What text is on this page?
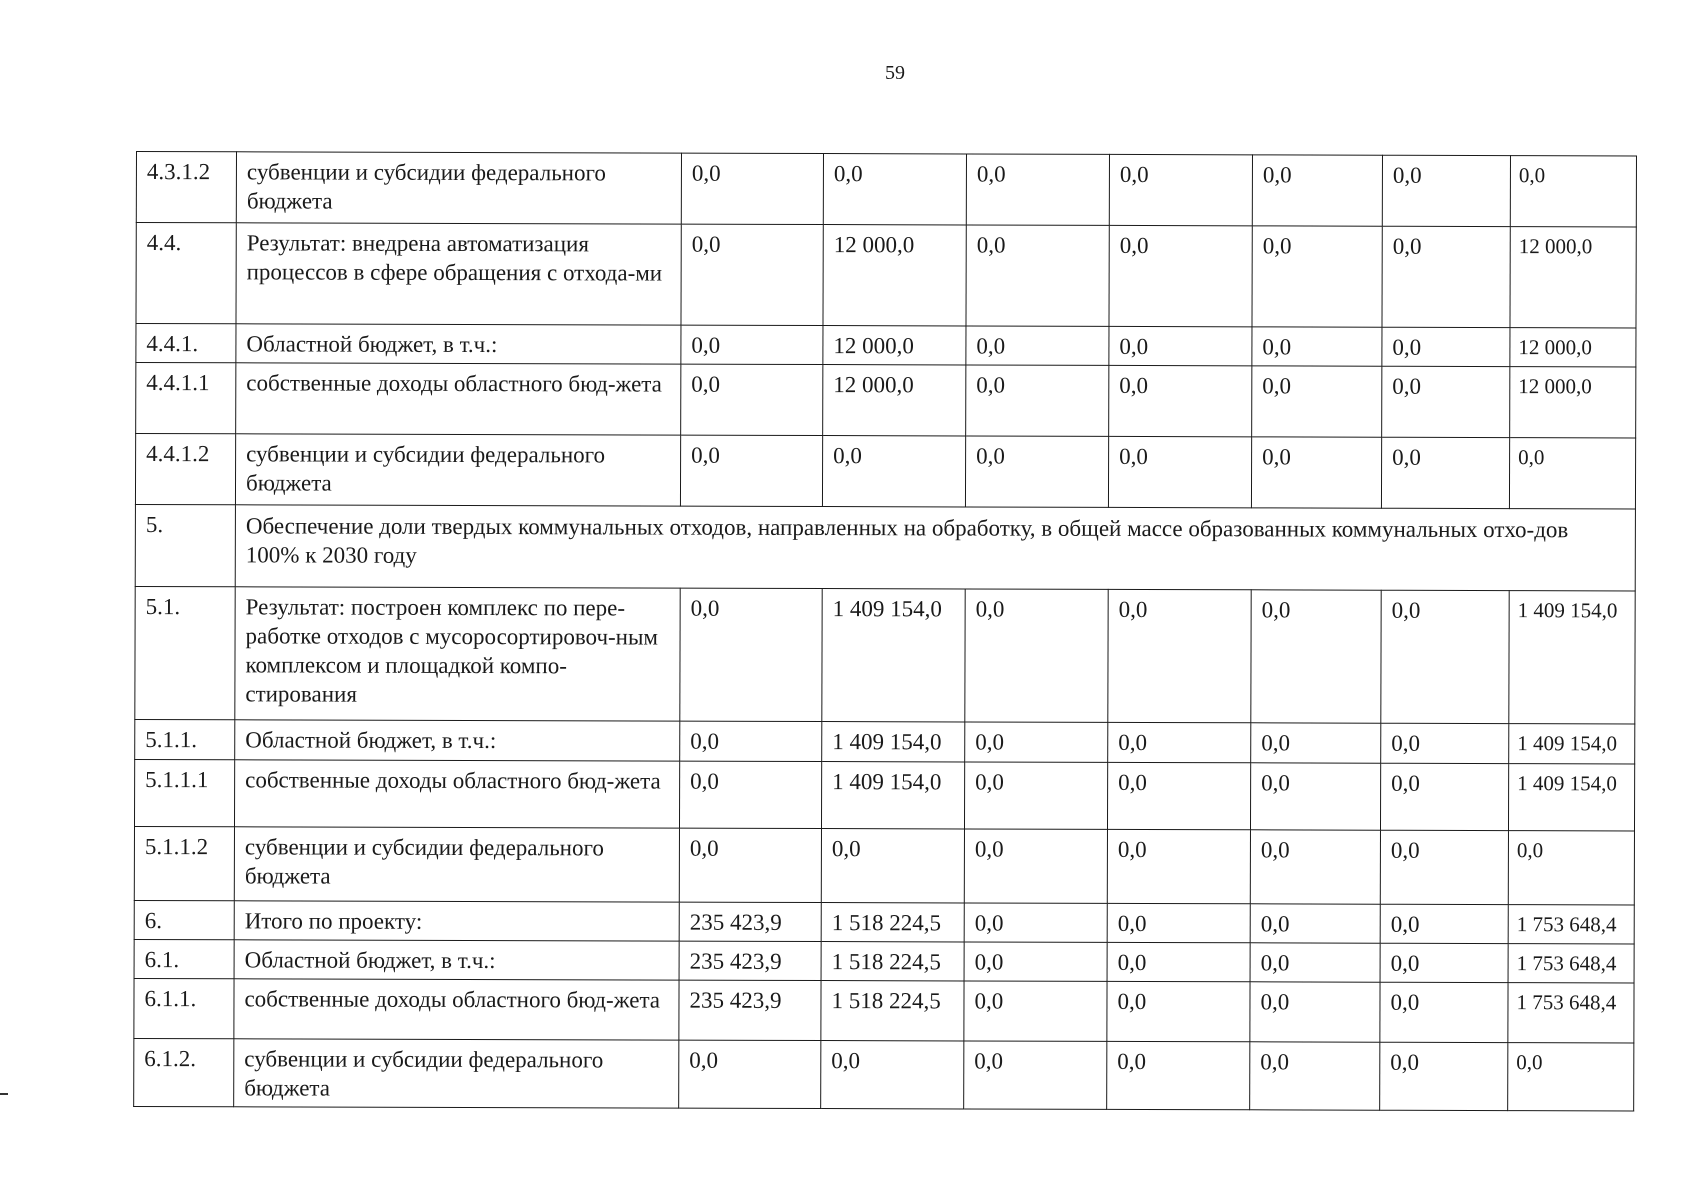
59
4.3.1.2	субвенции и субсидии федерального бюджета	0,0	0,0	0,0	0,0	0,0	0,0	0,0
4.4.	Результат: внедрена автоматизация процессов в сфере обращения с отхода-ми	0,0	12 000,0	0,0	0,0	0,0	0,0	12 000,0
4.4.1.	Областной бюджет, в т.ч.:	0,0	12 000,0	0,0	0,0	0,0	0,0	12 000,0
4.4.1.1	собственные доходы областного бюд-жета	0,0	12 000,0	0,0	0,0	0,0	0,0	12 000,0
4.4.1.2	субвенции и субсидии федерального бюджета	0,0	0,0	0,0	0,0	0,0	0,0	0,0
5.	Обеспечение доли твердых коммунальных отходов, направленных на обработку, в общей массе образованных коммунальных отхо-дов 100% к 2030 году							
5.1.	Результат: построен комплекс по пере-работке отходов с мусоросортировоч-ным комплексом и площадкой компо-стирования	0,0	1 409 154,0	0,0	0,0	0,0	0,0	1 409 154,0
5.1.1.	Областной бюджет, в т.ч.:	0,0	1 409 154,0	0,0	0,0	0,0	0,0	1 409 154,0
5.1.1.1	собственные доходы областного бюд-жета	0,0	1 409 154,0	0,0	0,0	0,0	0,0	1 409 154,0
5.1.1.2	субвенции и субсидии федерального бюджета	0,0	0,0	0,0	0,0	0,0	0,0	0,0
6.	Итого по проекту:	235 423,9	1 518 224,5	0,0	0,0	0,0	0,0	1 753 648,4
6.1.	Областной бюджет, в т.ч.:	235 423,9	1 518 224,5	0,0	0,0	0,0	0,0	1 753 648,4
6.1.1.	собственные доходы областного бюд-жета	235 423,9	1 518 224,5	0,0	0,0	0,0	0,0	1 753 648,4
6.1.2.	субвенции и субсидии федерального бюджета	0,0	0,0	0,0	0,0	0,0	0,0	0,0
